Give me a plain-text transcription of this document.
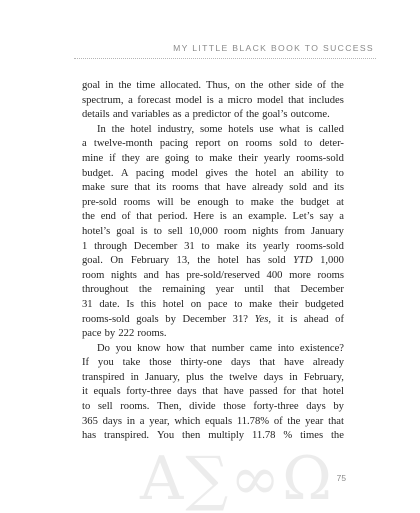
MY LITTLE BLACK BOOK TO SUCCESS
goal in the time allocated. Thus, on the other side of the
spectrum, a forecast model is a micro model that includes
details and variables as a predictor of the goal’s outcome.
In the hotel industry, some hotels use what is called
a twelve-month pacing report on rooms sold to deter-
mine if they are going to make their yearly rooms-sold
budget. A pacing model gives the hotel an ability to
make sure that its rooms that have already sold and its
pre-sold rooms will be enough to make the budget at
the end of that period. Here is an example. Let’s say a
hotel’s goal is to sell 10,000 room nights from January
1 through December 31 to make its yearly rooms-sold
goal. On February 13, the hotel has sold YTD 1,000
room nights and has pre-sold/reserved 400 more rooms
throughout the remaining year until that December
31 date. Is this hotel on pace to make their budgeted
rooms-sold goals by December 31? Yes, it is ahead of
pace by 222 rooms.
Do you know how that number came into existence?
If you take those thirty-one days that have already
transpired in January, plus the twelve days in February,
it equals forty-three days that have passed for that hotel
to sell rooms. Then, divide those forty-three days by
365 days in a year, which equals 11.78% of the year that
has transpired. You then multiply 11.78 % times the
Α∑∞Ω 75
